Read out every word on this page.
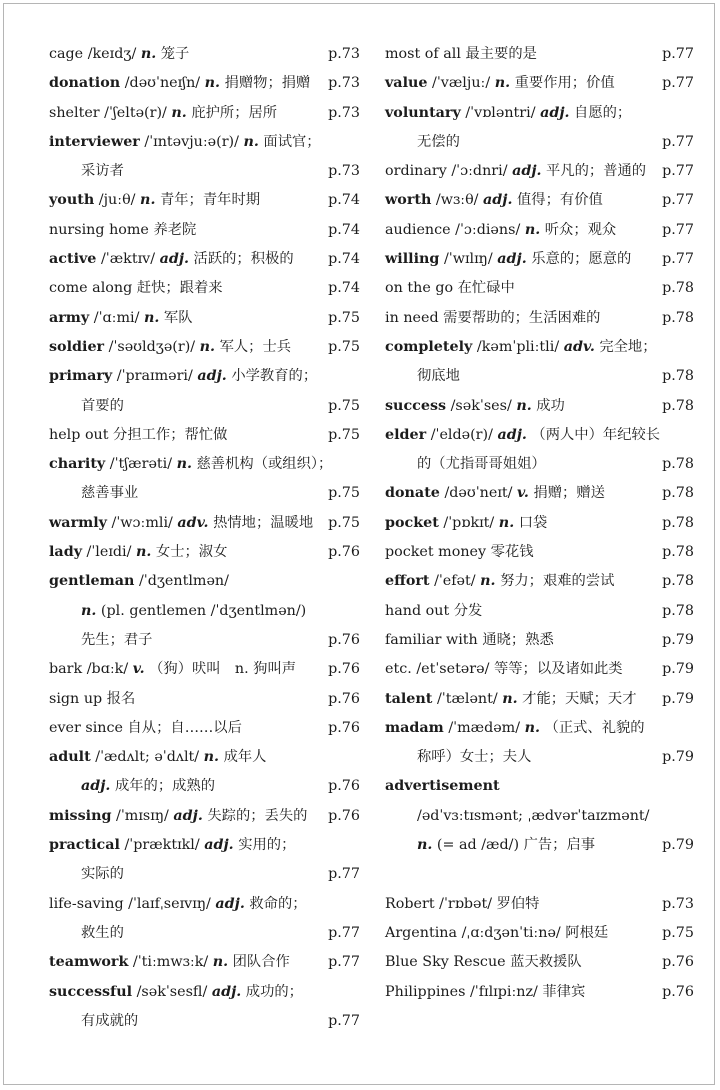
cage /keɪdʒ/ n. 笼子	p.73
donation /dəʊˈneɪʃn/ n. 捐赠物；捐赠 p.73
shelter /ˈʃeltə(r)/ n. 庇护所；居所	p.73
interviewer /ˈɪntəvjuːə(r)/ n. 面试官；
采访者	p.73
youth /juːθ/ n. 青年；青年时期	p.74
nursing home 养老院	p.74
active /ˈæktɪv/ adj. 活跃的；积极的 p.74
come along 赶快；跟着来	p.74
army /ˈɑːmi/ n. 军队	p.75
soldier /ˈsəʊldʒə(r)/ n. 军人；士兵	p.75
primary /ˈpraɪməri/ adj. 小学教育的；
首要的	p.75
help out 分担工作；帮忙做	p.75
charity /ˈtʃærəti/ n. 慈善机构（或组织）；
慈善事业	p.75
warmly /ˈwɔːmli/ adv. 热情地；温暖地 p.75
lady /ˈleɪdi/ n. 女士；淑女	p.76
gentleman /ˈdʒentlmən/
n. (pl. gentlemen /ˈdʒentlmən/)
先生；君子	p.76
bark /bɑːk/ v. （狗）吠叫　n. 狗叫声 p.76
sign up 报名	p.76
ever since 自从；自……以后	p.76
adult /ˈædʌlt; əˈdʌlt/ n. 成年人
adj. 成年的；成熟的	p.76
missing /ˈmɪsɪŋ/ adj. 失踪的；丢失的 p.76
practical /ˈpræktɪkl/ adj. 实用的；
实际的	p.77
life-saving /ˈlaɪfˌseɪvɪŋ/ adj. 救命的；
救生的	p.77
teamwork /ˈtiːmwɜːk/ n. 团队合作	p.77
successful /səkˈsesfl/ adj. 成功的；
有成就的	p.77
most of all 最主要的是	p.77
value /ˈvæljuː/ n. 重要作用；价值	p.77
voluntary /ˈvɒləntri/ adj. 自愿的；
无偿的	p.77
ordinary /ˈɔːdnri/ adj. 平凡的；普通的 p.77
worth /wɜːθ/ adj. 值得；有价值	p.77
audience /ˈɔːdiəns/ n. 听众；观众	p.77
willing /ˈwɪlɪŋ/ adj. 乐意的；愿意的 p.77
on the go 在忙碌中	p.78
in need 需要帮助的；生活困难的	p.78
completely /kəmˈpliːtli/ adv. 完全地；
彻底地	p.78
success /səkˈses/ n. 成功	p.78
elder /ˈeldə(r)/ adj. （两人中）年纪较长
的（尤指哥哥姐姐）	p.78
donate /dəʊˈneɪt/ v. 捐赠；赠送	p.78
pocket /ˈpɒkɪt/ n. 口袋	p.78
pocket money 零花钱	p.78
effort /ˈefət/ n. 努力；艰难的尝试	p.78
hand out 分发	p.78
familiar with 通晓；熟悉	p.79
etc. /etˈsetərə/ 等等；以及诸如此类	p.79
talent /ˈtælənt/ n. 才能；天赋；天才 p.79
madam /ˈmædəm/ n. （正式、礼貌的
称呼）女士；夫人	p.79
advertisement
/ədˈvɜːtɪsmənt; ˌædvərˈtaɪzmənt/
n. (= ad /æd/) 广告；启事	p.79
Robert /ˈrɒbət/ 罗伯特	p.73
Argentina /ˌɑːdʒənˈtiːnə/ 阿根廷	p.75
Blue Sky Rescue 蓝天救援队	p.76
Philippines /ˈfɪlɪpiːnz/ 菲律宾	p.76
